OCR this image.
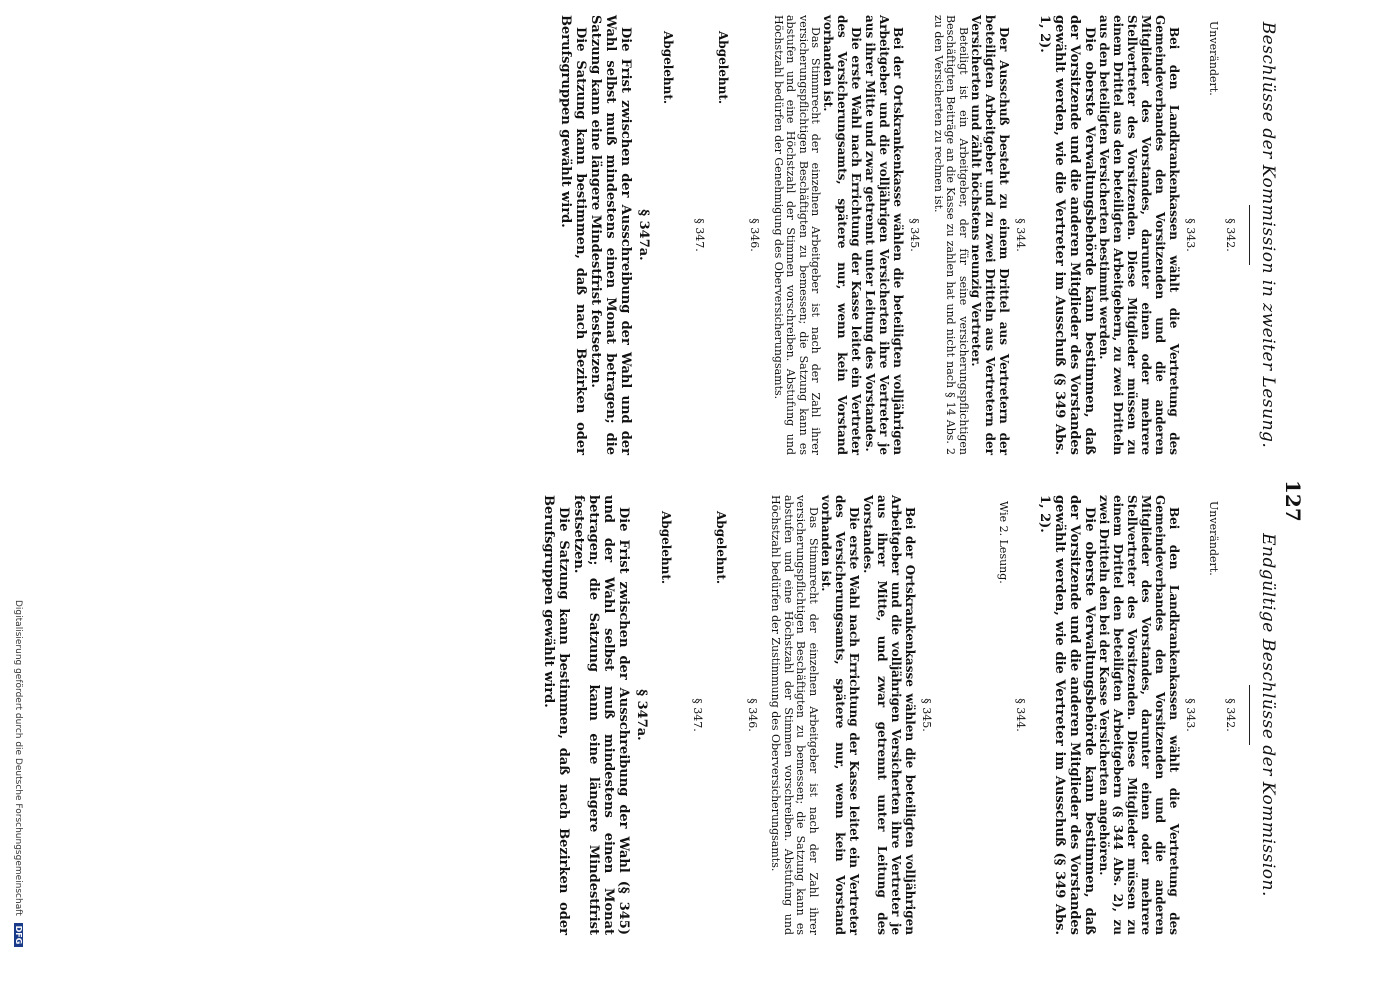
127
Beschlüsse der Kommission in zweiter Lesung.
§ 342.
Unverändert.
§ 343.

Bei den Landkrankenkassen wählt die Vertretung des Gemeindeverbandes den Vorsitzenden und die anderen Mitglieder des Vorstandes, darunter einen oder mehrere Stellvertreter des Vorsitzenden. Diese Mitglieder müssen zu einem Drittel aus den beteiligten Arbeitgebern, zu zwei Dritteln aus den beteiligten Versicherten bestimmt werden.

Die oberste Verwaltungsbehörde kann bestimmen, daß der Vorsitzende und die anderen Mitglieder des Vorstandes gewählt werden, wie die Vertreter im Ausschuß (§ 349 Abs. 1, 2).

§ 344.

Der Ausschuß besteht zu einem Drittel aus Vertretern der beteiligten Arbeitgeber und zu zwei Dritteln aus Vertretern der Versicherten und zählt höchstens neunzig Vertreter.

Beteiligt ist ein Arbeitgeber, der für seine versicherungspflichtigen Beschäftigten Beiträge an die Kasse zu zahlen hat und nicht nach § 14 Abs. 2 zu den Versicherten zu rechnen ist.

§ 345.

Bei der Ortskrankenkasse wählen die beteiligten volljährigen Arbeitgeber und die volljährigen Versicherten ihre Vertreter je aus ihrer Mitte und zwar getrennt unter Leitung des Vorstandes.

Die erste Wahl nach Errichtung der Kasse leitet ein Vertreter des Versicherungsamts, spätere nur, wenn kein Vorstand vorhanden ist.

Das Stimmrecht der einzelnen Arbeitgeber ist nach der Zahl ihrer versicherungspflichtigen Beschäftigten zu bemessen; die Satzung kann es abstufen und eine Höchstzahl der Stimmen vorschreiben. Abstufung und Höchstzahl bedürfen der Genehmigung des Oberversicherungsamts.

§ 346.
Abgelehnt.
§ 347.
Abgelehnt.
§ 347a.

Die Frist zwischen der Ausschreibung der Wahl und der Wahl selbst muß mindestens einen Monat betragen; die Satzung kann eine längere Mindestfrist festsetzen.

Die Satzung kann bestimmen, daß nach Bezirken oder Berufsgruppen gewählt wird.

Endgültige Beschlüsse der Kommission.
§ 342.
Unverändert.
§ 343.

Bei den Landkrankenkassen wählt die Vertretung des Gemeindeverbandes den Vorsitzenden und die anderen Mitglieder des Vorstandes, darunter einen oder mehrere Stellvertreter des Vorsitzenden. Diese Mitglieder müssen zu einem Drittel den beteiligten Arbeitgebern (§ 344 Abs. 2), zu zwei Dritteln den bei der Kasse Versicherten angehören.

Die oberste Verwaltungsbehörde kann bestimmen, daß der Vorsitzende und die anderen Mitglieder des Vorstandes gewählt werden, wie die Vertreter im Ausschuß (§ 349 Abs. 1, 2).

§ 344.
Wie 2. Lesung.
§ 345.

Bei der Ortskrankenkasse wählen die beteiligten volljährigen Arbeitgeber und die volljährigen Versicherten ihre Vertreter je aus ihrer Mitte, und zwar getrennt unter Leitung des Vorstandes.

Die erste Wahl nach Errichtung der Kasse leitet ein Vertreter des Versicherungsamts, spätere nur, wenn kein Vorstand vorhanden ist.

Das Stimmrecht der einzelnen Arbeitgeber ist nach der Zahl ihrer versicherungspflichtigen Beschäftigten zu bemessen; die Satzung kann es abstufen und eine Höchstzahl der Stimmen vorschreiben. Abstufung und Höchstzahl bedürfen der Zustimmung des Oberversicherungsamts.

§ 346.
Abgelehnt.
§ 347.
Abgelehnt.
§ 347a.

Die Frist zwischen der Ausschreibung der Wahl (§ 345) und der Wahl selbst muß mindestens einen Monat betragen; die Satzung kann eine längere Mindestfrist festsetzen.

Die Satzung kann bestimmen, daß nach Bezirken oder Berufsgruppen gewählt wird.

Digitalisierung gefördert durch die Deutsche Forschungsgemeinschaft DFG
